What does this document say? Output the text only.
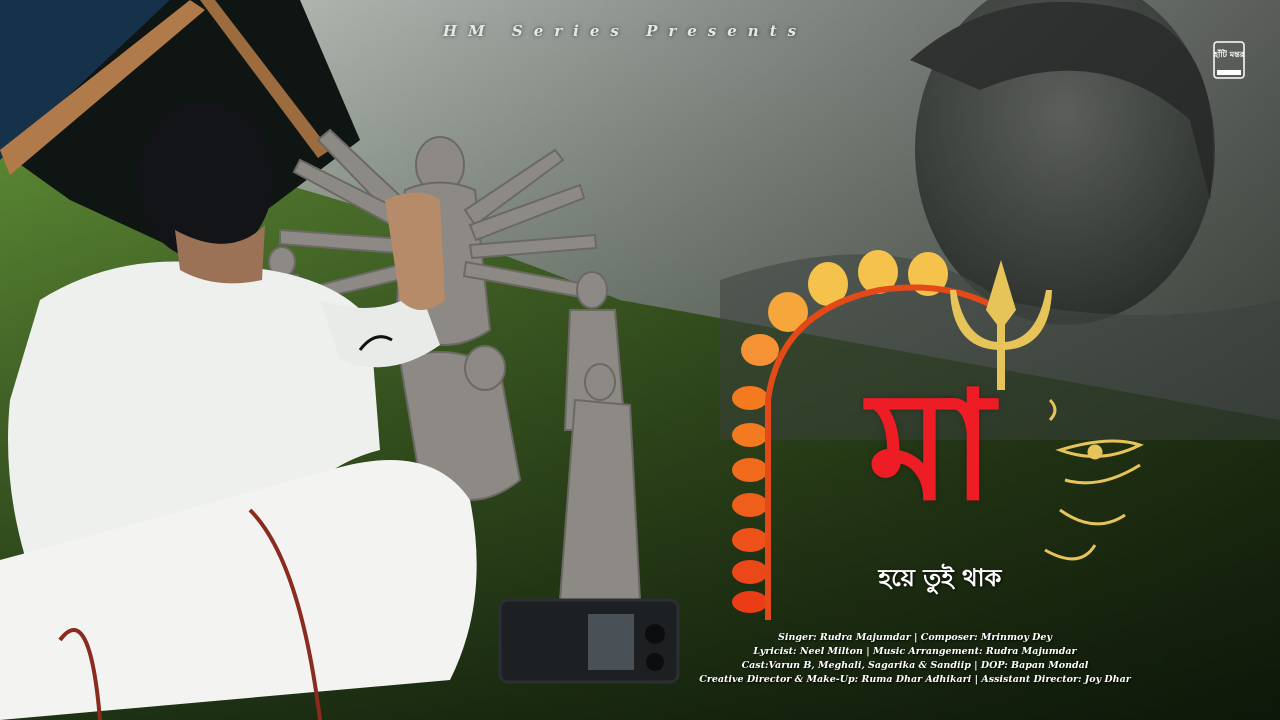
HM Series Presents
হাঁটি মন্তর
মা
হয়ে তুই থাক
Singer: Rudra Majumdar | Composer: Mrinmoy Dey
Lyricist: Neel Milton | Music Arrangement: Rudra Majumdar
Cast:Varun B, Meghali, Sagarika & Sandiip | DOP: Bapan Mondal
Creative Director & Make-Up: Ruma Dhar Adhikari | Assistant Director: Joy Dhar
